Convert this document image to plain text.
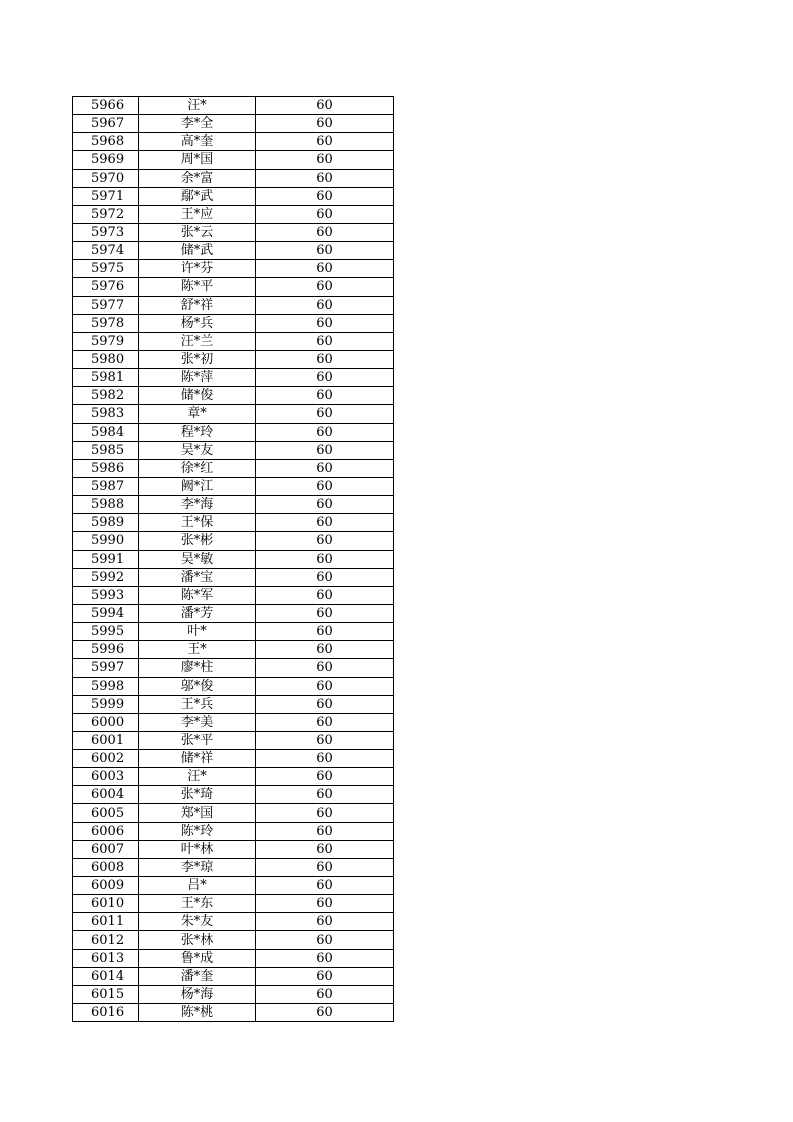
5966	汪*	60
5967	李*全	60
5968	高*奎	60
5969	周*国	60
5970	余*富	60
5971	鄢*武	60
5972	王*应	60
5973	张*云	60
5974	储*武	60
5975	许*芬	60
5976	陈*平	60
5977	舒*祥	60
5978	杨*兵	60
5979	汪*兰	60
5980	张*初	60
5981	陈*萍	60
5982	储*俊	60
5983	章*	60
5984	程*玲	60
5985	吴*友	60
5986	徐*红	60
5987	阙*江	60
5988	李*海	60
5989	王*保	60
5990	张*彬	60
5991	吴*敏	60
5992	潘*宝	60
5993	陈*军	60
5994	潘*芳	60
5995	叶*	60
5996	王*	60
5997	廖*柱	60
5998	邬*俊	60
5999	王*兵	60
6000	李*美	60
6001	张*平	60
6002	储*祥	60
6003	汪*	60
6004	张*琦	60
6005	郑*国	60
6006	陈*玲	60
6007	叶*林	60
6008	李*琼	60
6009	吕*	60
6010	王*东	60
6011	朱*友	60
6012	张*林	60
6013	鲁*成	60
6014	潘*奎	60
6015	杨*海	60
6016	陈*桃	60
